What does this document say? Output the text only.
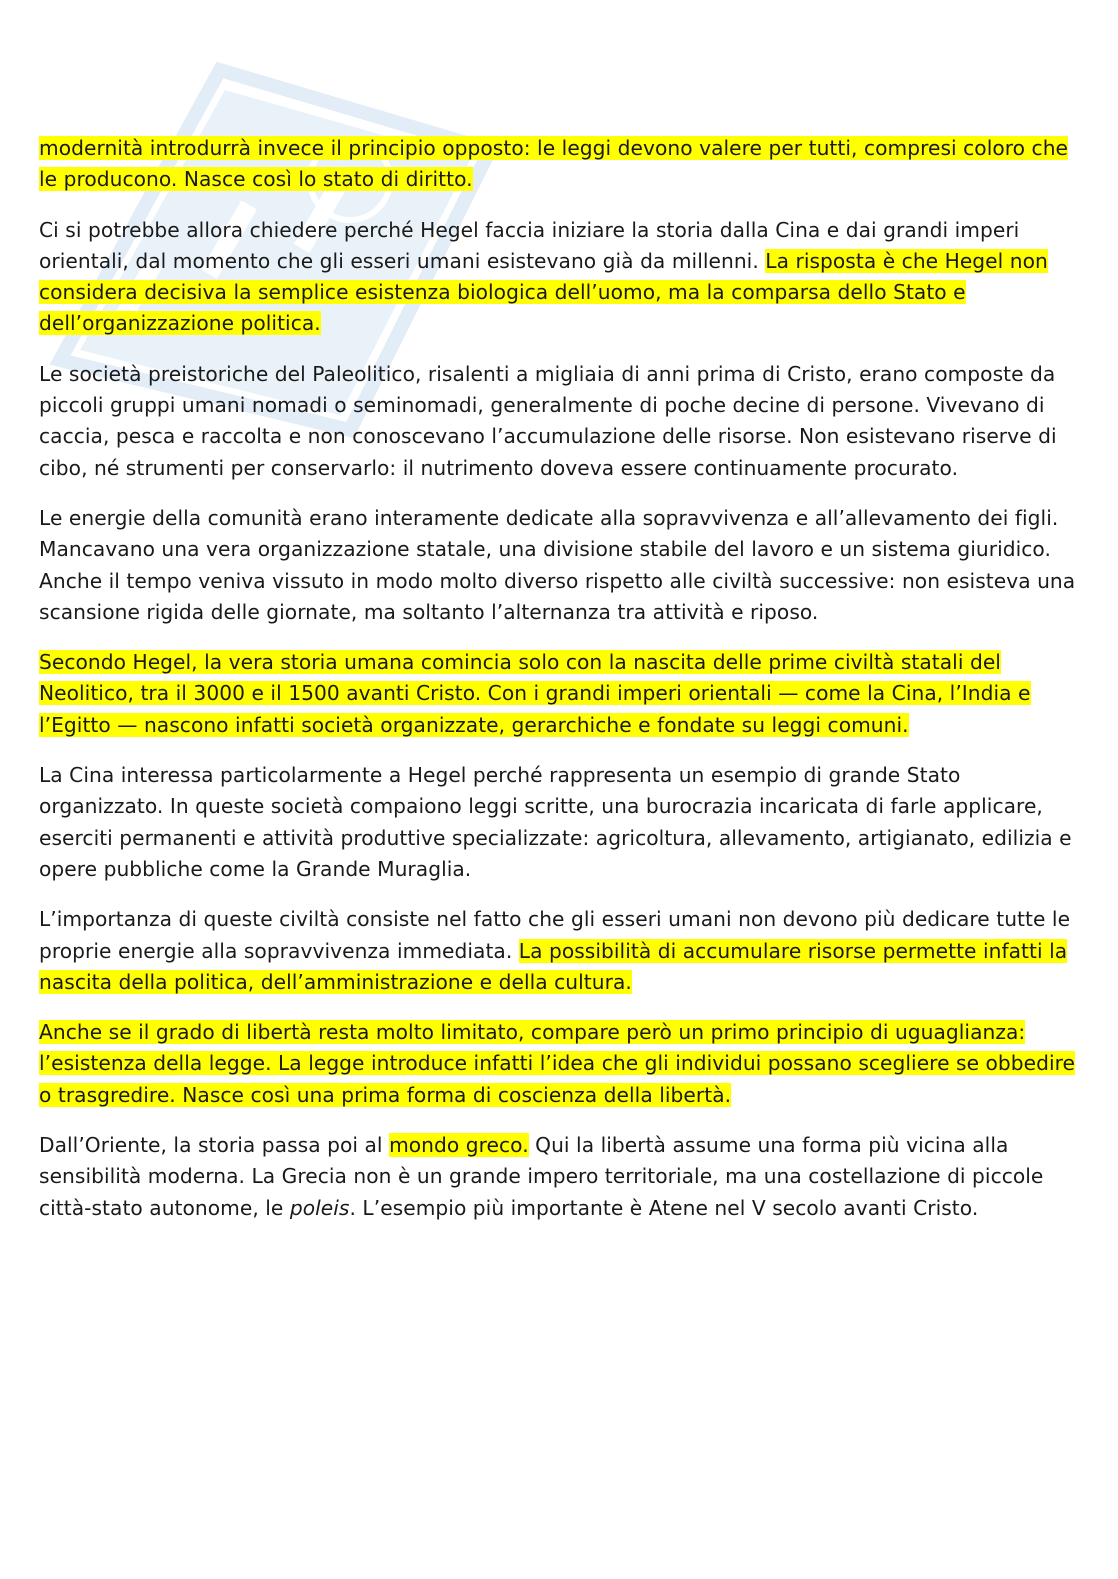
modernità introdurrà invece il principio opposto: le leggi devono valere per tutti, compresi coloro che le producono. Nasce così lo stato di diritto.

Ci si potrebbe allora chiedere perché Hegel faccia iniziare la storia dalla Cina e dai grandi imperi orientali, dal momento che gli esseri umani esistevano già da millenni. La risposta è che Hegel non considera decisiva la semplice esistenza biologica dell’uomo, ma la comparsa dello Stato e dell’organizzazione politica.

Le società preistoriche del Paleolitico, risalenti a migliaia di anni prima di Cristo, erano composte da piccoli gruppi umani nomadi o seminomadi, generalmente di poche decine di persone. Vivevano di caccia, pesca e raccolta e non conoscevano l’accumulazione delle risorse. Non esistevano riserve di cibo, né strumenti per conservarlo: il nutrimento doveva essere continuamente procurato.

Le energie della comunità erano interamente dedicate alla sopravvivenza e all’allevamento dei figli. Mancavano una vera organizzazione statale, una divisione stabile del lavoro e un sistema giuridico. Anche il tempo veniva vissuto in modo molto diverso rispetto alle civiltà successive: non esisteva una scansione rigida delle giornate, ma soltanto l’alternanza tra attività e riposo.

Secondo Hegel, la vera storia umana comincia solo con la nascita delle prime civiltà statali del Neolitico, tra il 3000 e il 1500 avanti Cristo. Con i grandi imperi orientali — come la Cina, l’India e l’Egitto — nascono infatti società organizzate, gerarchiche e fondate su leggi comuni.

La Cina interessa particolarmente a Hegel perché rappresenta un esempio di grande Stato organizzato. In queste società compaiono leggi scritte, una burocrazia incaricata di farle applicare, eserciti permanenti e attività produttive specializzate: agricoltura, allevamento, artigianato, edilizia e opere pubbliche come la Grande Muraglia.

L’importanza di queste civiltà consiste nel fatto che gli esseri umani non devono più dedicare tutte le proprie energie alla sopravvivenza immediata. La possibilità di accumulare risorse permette infatti la nascita della politica, dell’amministrazione e della cultura.

Anche se il grado di libertà resta molto limitato, compare però un primo principio di uguaglianza: l’esistenza della legge. La legge introduce infatti l’idea che gli individui possano scegliere se obbedire o trasgredire. Nasce così una prima forma di coscienza della libertà.

Dall’Oriente, la storia passa poi al mondo greco. Qui la libertà assume una forma più vicina alla sensibilità moderna. La Grecia non è un grande impero territoriale, ma una costellazione di piccole città-stato autonome, le poleis. L’esempio più importante è Atene nel V secolo avanti Cristo.
